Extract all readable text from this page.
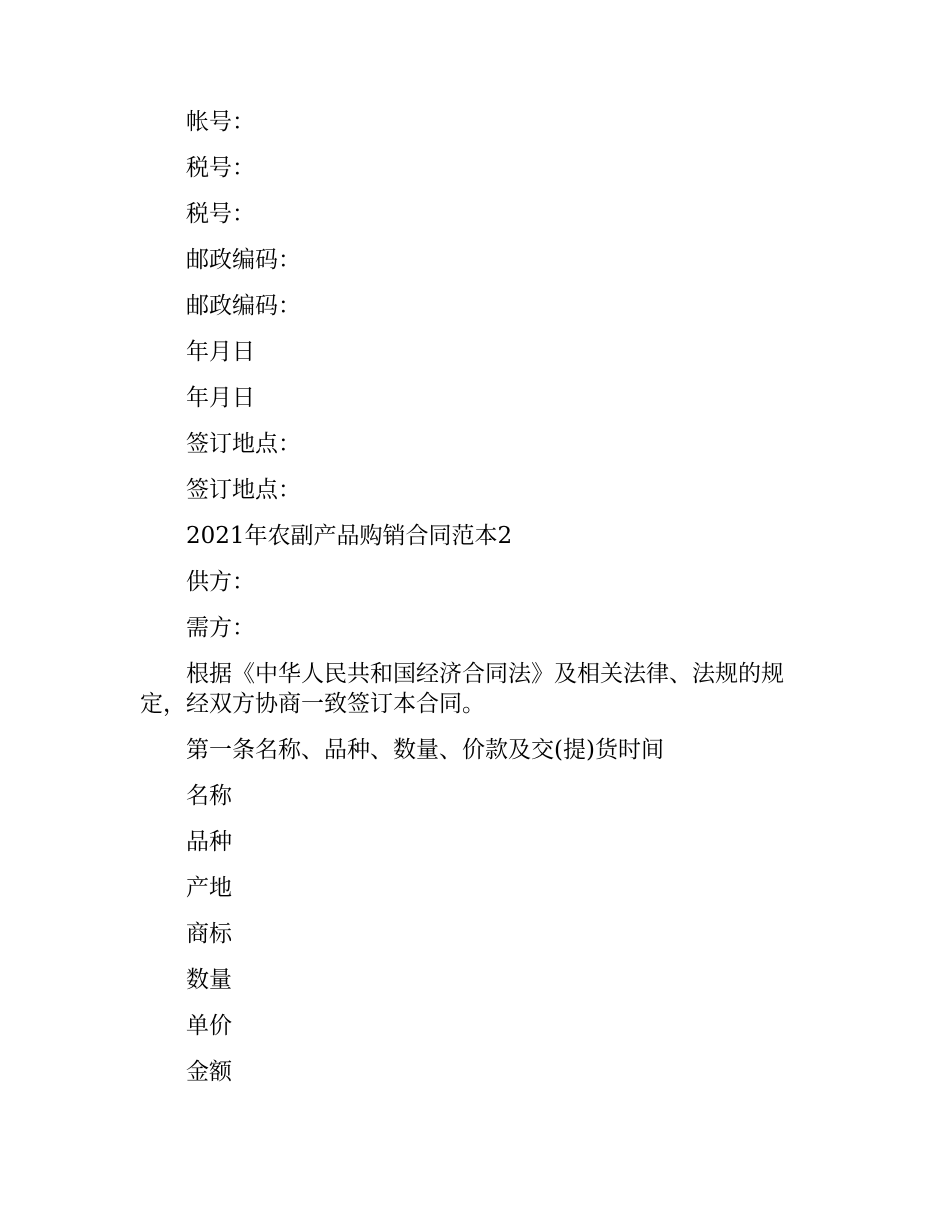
帐号：

税号：

税号：

邮政编码：

邮政编码：

年月日

年月日

签订地点：

签订地点：

2021年农副产品购销合同范本2

供方：

需方：

根据《中华人民共和国经济合同法》及相关法律、法规的规定，经双方协商一致签订本合同。

第一条名称、品种、数量、价款及交(提)货时间

名称

品种

产地

商标

数量

单价

金额
